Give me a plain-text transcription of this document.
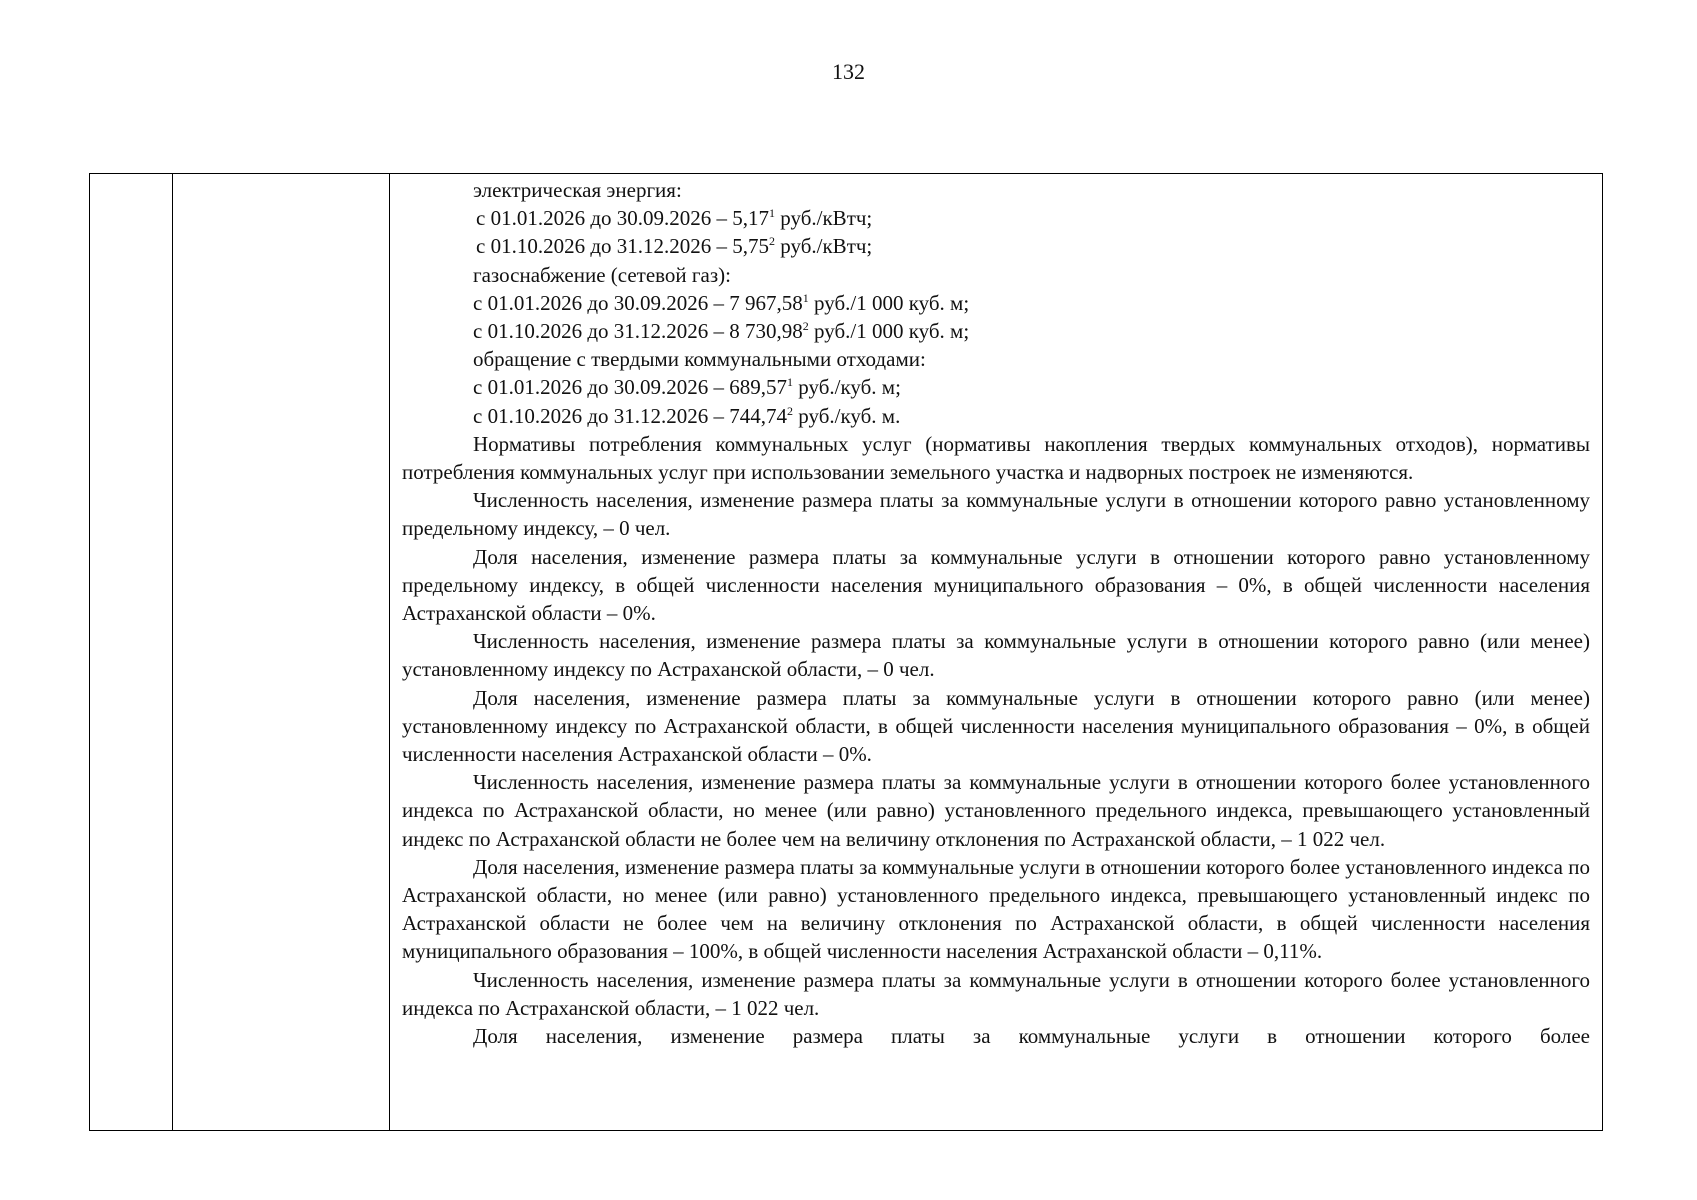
132
электрическая энергия:
с 01.01.2026 до 30.09.2026 – 5,17$^1$ руб./кВтч;
с 01.10.2026 до 31.12.2026 – 5,75$^2$ руб./кВтч;
газоснабжение (сетевой газ):
с 01.01.2026 до 30.09.2026 – 7 967,58$^1$ руб./1 000 куб. м;
с 01.10.2026 до 31.12.2026 – 8 730,98$^2$ руб./1 000 куб. м;
обращение с твердыми коммунальными отходами:
с 01.01.2026 до 30.09.2026 – 689,57$^1$ руб./куб. м;
с 01.10.2026 до 31.12.2026 – 744,74$^2$ руб./куб. м.

Нормативы потребления коммунальных услуг (нормативы накопления твердых коммунальных отходов), нормативы потребления коммунальных услуг при использовании земельного участка и надворных построек не изменяются.

Численность населения, изменение размера платы за коммунальные услуги в отношении которого равно установленному предельному индексу, – 0 чел.

Доля населения, изменение размера платы за коммунальные услуги в отношении которого равно установленному предельному индексу, в общей численности населения муниципального образования – 0%, в общей численности населения Астраханской области – 0%.

Численность населения, изменение размера платы за коммунальные услуги в отношении которого равно (или менее) установленному индексу по Астраханской области, – 0 чел.

Доля населения, изменение размера платы за коммунальные услуги в отношении которого равно (или менее) установленному индексу по Астраханской области, в общей численности населения муниципального образования – 0%, в общей численности населения Астраханской области – 0%.

Численность населения, изменение размера платы за коммунальные услуги в отношении которого более установленного индекса по Астраханской области, но менее (или равно) установленного предельного индекса, превышающего установленный индекс по Астраханской области не более чем на величину отклонения по Астраханской области, – 1 022 чел.

Доля населения, изменение размера платы за коммунальные услуги в отношении которого более установленного индекса по Астраханской области, но менее (или равно) установленного предельного индекса, превышающего установленный индекс по Астраханской области не более чем на величину отклонения по Астраханской области, в общей численности населения муниципального образования – 100%, в общей численности населения Астраханской области – 0,11%.

Численность населения, изменение размера платы за коммунальные услуги в отношении которого более установленного индекса по Астраханской области, – 1 022 чел.

Доля населения, изменение размера платы за коммунальные услуги в отношении которого более
